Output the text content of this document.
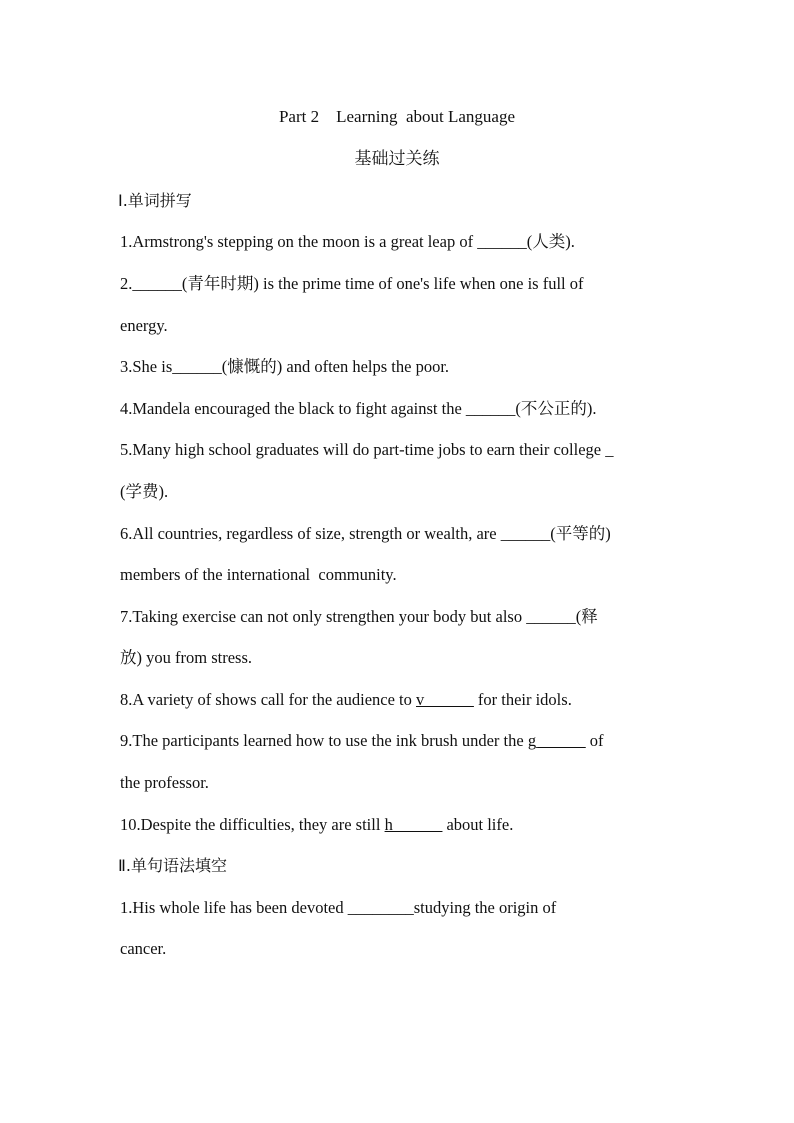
Part 2    Learning  about Language
基础过关练
Ⅰ.单词拼写
1.Armstrong's stepping on the moon is a great leap of ______(人类).
2.______(青年时期) is the prime time of one's life when one is full of
energy.
3.She is______(慷慨的) and often helps the poor.
4.Mandela encouraged the black to fight against the ______(不公正的).
5.Many high school graduates will do part-time jobs to earn their college _
(学费).
6.All countries, regardless of size, strength or wealth, are ______(平等的)
members of the international  community.
7.Taking exercise can not only strengthen your body but also ______(释
放) you from stress.
8.A variety of shows call for the audience to v______ for their idols.
9.The participants learned how to use the ink brush under the g______ of
the professor.
10.Despite the difficulties, they are still h______ about life.
Ⅱ.单句语法填空
1.His whole life has been devoted ________studying the origin of
cancer.
